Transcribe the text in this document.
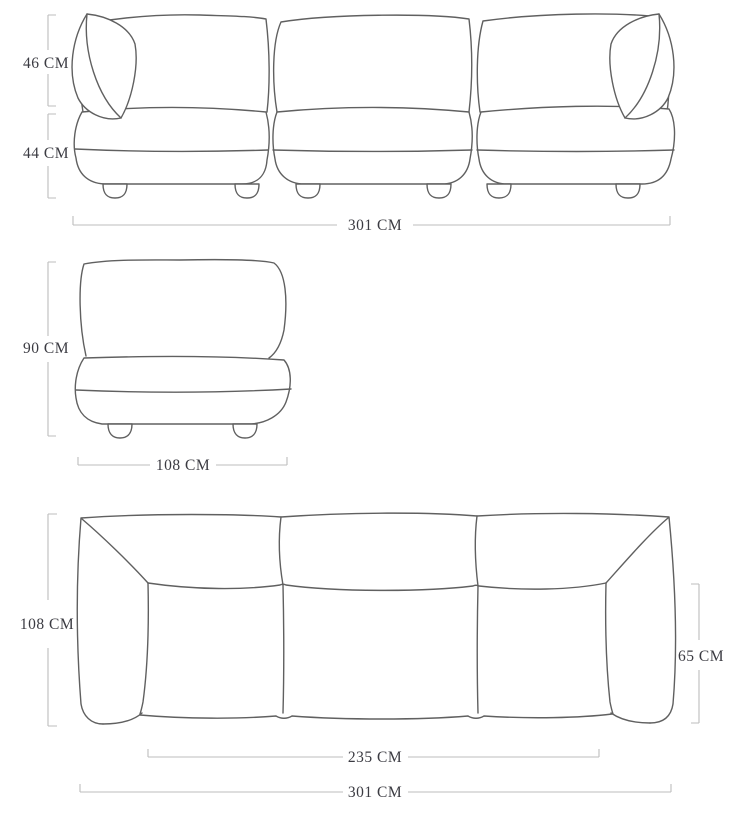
46 CM
44 CM
301 CM
90 CM
108 CM
108 CM
65 CM
235 CM
301 CM
